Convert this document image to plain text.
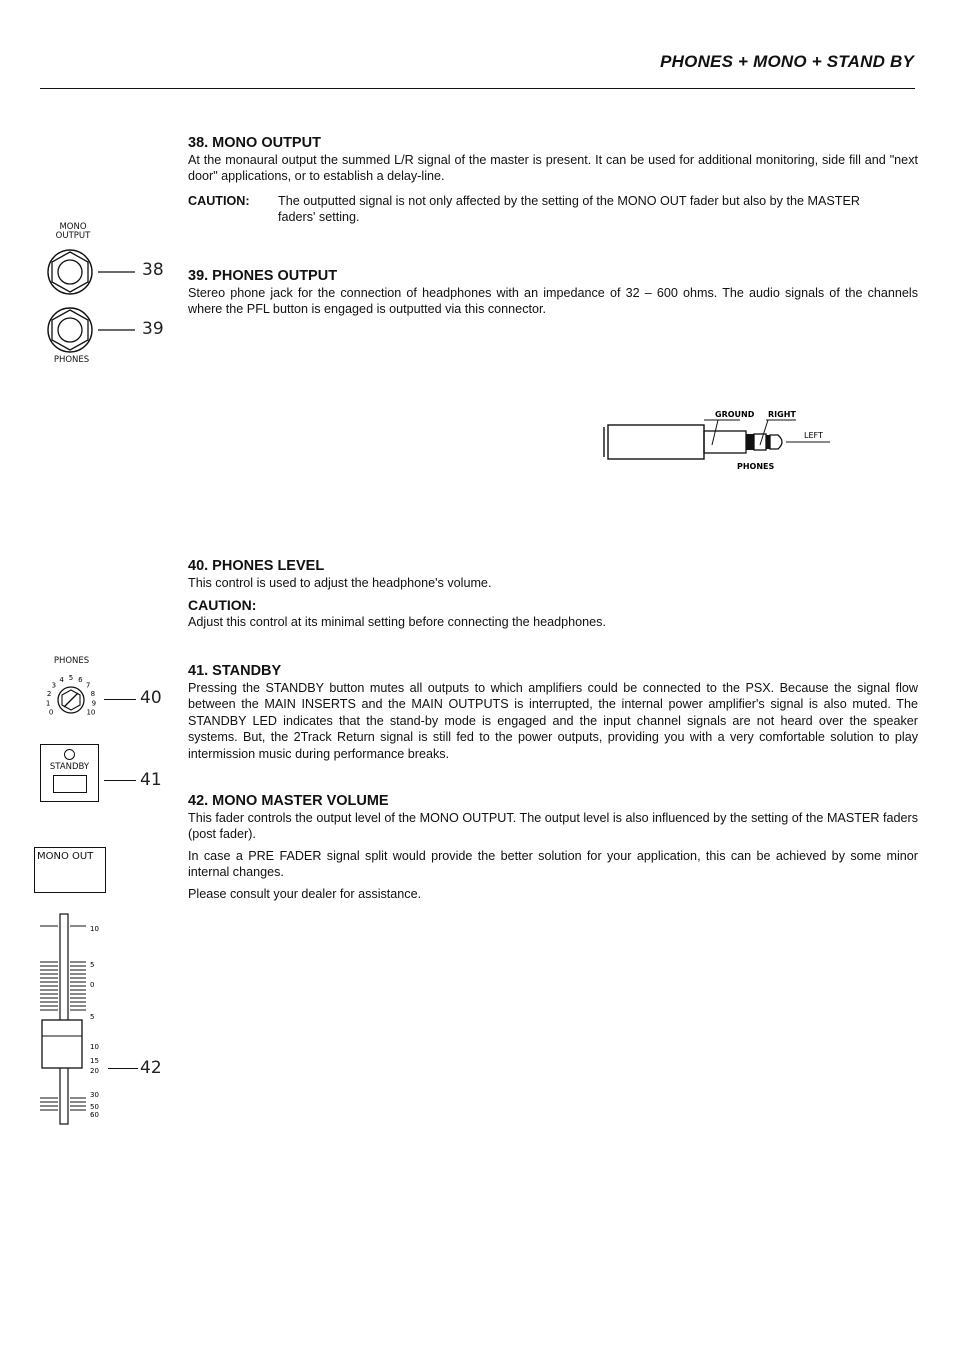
PHONES + MONO + STAND BY

38. MONO OUTPUT

At the monaural output the summed L/R signal of the master is present. It can be used for additional monitoring, side fill and "next door" applications, or to establish a delay-line.

CAUTION: The outputted signal is not only affected by the setting of the MONO OUT fader but also by the MASTER faders' setting.

39. PHONES OUTPUT

Stereo phone jack for the connection of headphones with an impedance of 32 – 600 ohms. The audio signals of the channels where the PFL button is engaged is outputted via this connector.

40. PHONES LEVEL

This control is used to adjust the headphone's volume.

CAUTION:

Adjust this control at its minimal setting before connecting the headphones.

41. STANDBY

Pressing the STANDBY button mutes all outputs to which amplifiers could be connected to the PSX. Because the signal flow between the MAIN INSERTS and the MAIN OUTPUTS is interrupted, the internal power amplifier's signal is also muted. The STANDBY LED indicates that the stand-by mode is engaged and the input channel signals are not heard over the speaker systems. But, the 2Track Return signal is still fed to the power outputs, providing you with a very comfortable solution to play intermission music during performance breaks.

42. MONO MASTER VOLUME

This fader controls the output level of the MONO OUTPUT. The output level is also influenced by the setting of the MASTER faders (post fader).

In case a PRE FADER signal split would provide the better solution for your application, this can be achieved by some minor internal changes.

Please consult your dealer for assistance.

MONO
OUTPUT
38
39
PHONES
GROUND RIGHT
LEFT
PHONES
PHONES
0
1
2
3
4 5 6
7
8
9
10
40
STANDBY
41
MONO OUT
10
5
0
5
10
15
20
30
50
60
42
